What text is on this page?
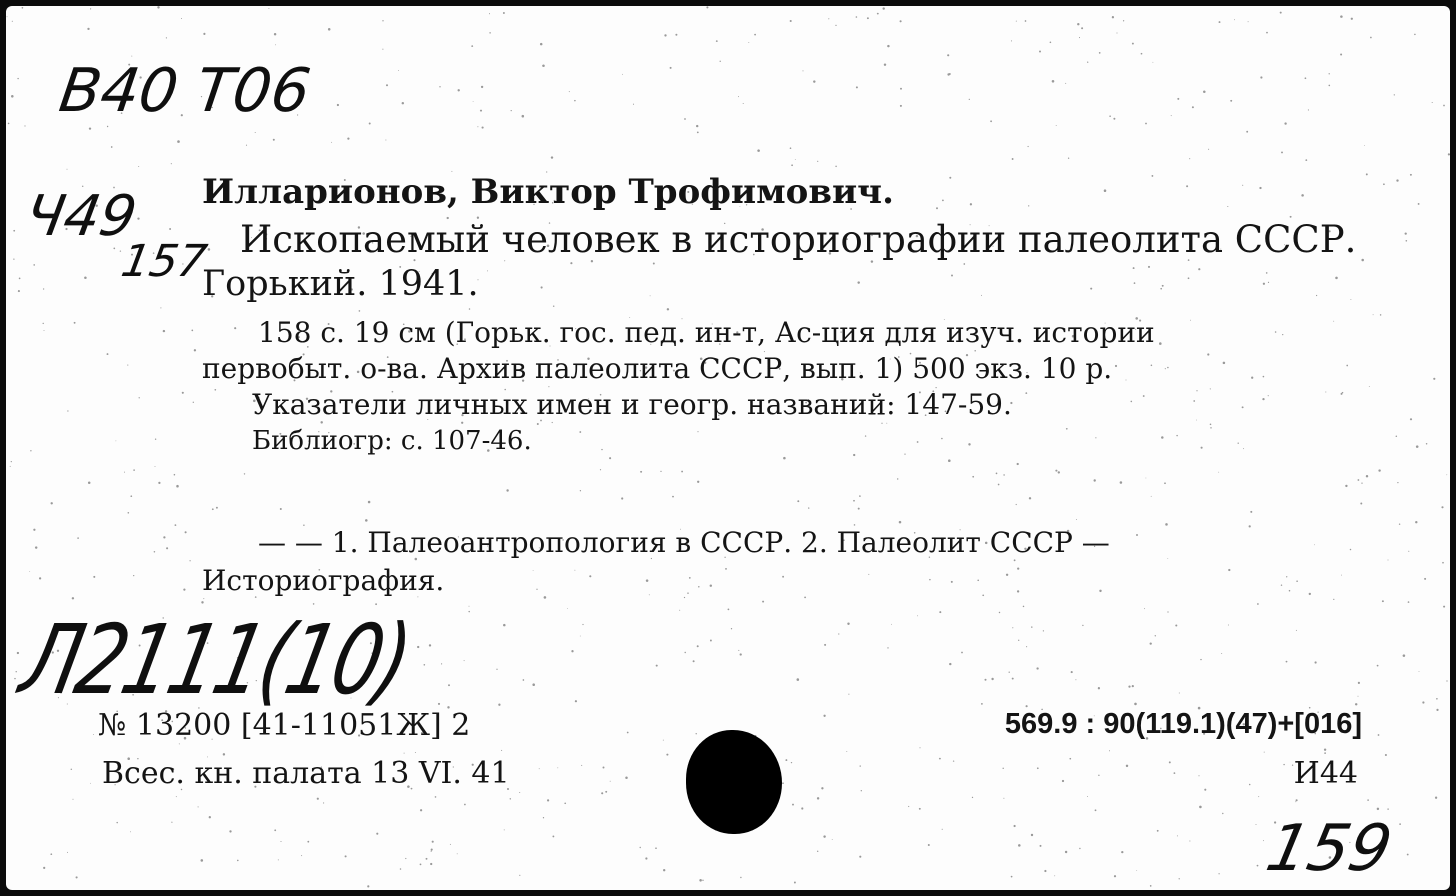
В40 Т06
Ч49
157
Илларионов, Виктор Трофимович.
Ископаемый человек в историографии палеолита СССР.
Горький. 1941.
158 с. 19 см (Горьк. гос. пед. ин-т, Ас-ция для изуч. истории
первобыт. о-ва. Архив палеолита СССР, вып. 1) 500 экз. 10 р.
Указатели личных имен и геогр. названий: 147-59.
Библиогр: с. 107-46.
— — 1. Палеоантропология в СССР. 2. Палеолит СССР —
Историография.
Л2111(10)
№ 13200 [41-11051Ж] 2
Всес. кн. палата 13 VI. 41
569.9 : 90(119.1)(47)+[016]
И44
159
